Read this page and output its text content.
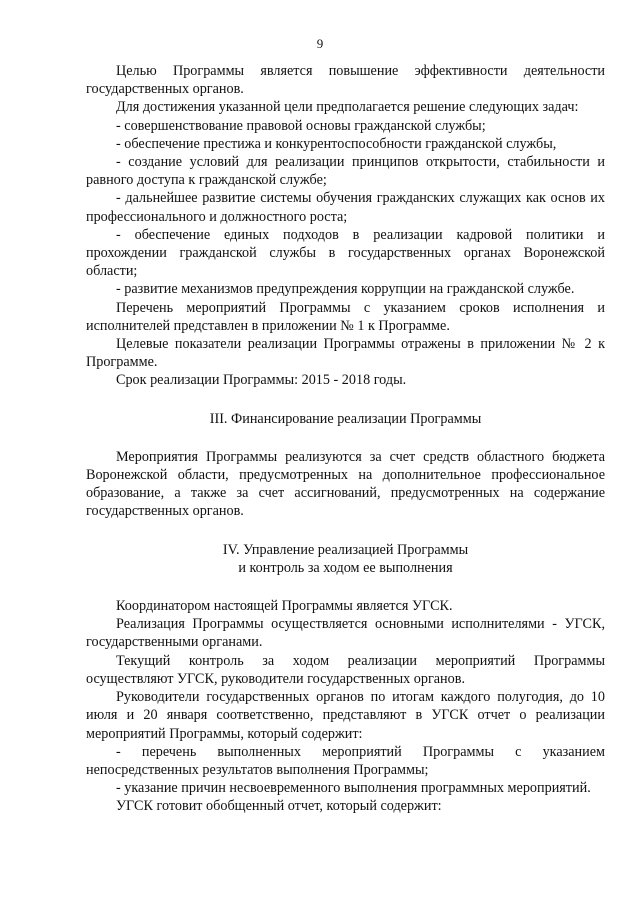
9

Целью Программы является повышение эффективности деятельности государственных органов.

Для достижения указанной цели предполагается решение следующих задач:

- совершенствование правовой основы гражданской службы;

- обеспечение престижа и конкурентоспособности гражданской службы,

- создание условий для реализации принципов открытости, стабильности и равного доступа к гражданской службе;

- дальнейшее развитие системы обучения гражданских служащих как основ их профессионального и должностного роста;

- обеспечение единых подходов в реализации кадровой политики и прохождении гражданской службы в государственных органах Воронежской области;

- развитие механизмов предупреждения коррупции на гражданской службе.

Перечень мероприятий Программы с указанием сроков исполнения и исполнителей представлен в приложении № 1 к Программе.

Целевые показатели реализации Программы отражены в приложении № 2 к Программе.

Срок реализации Программы: 2015 - 2018 годы.

III. Финансирование реализации Программы

Мероприятия Программы реализуются за счет средств областного бюджета Воронежской области, предусмотренных на дополнительное профессиональное образование, а также за счет ассигнований, предусмотренных на содержание государственных органов.

IV. Управление реализацией Программы
и контроль за ходом ее выполнения

Координатором настоящей Программы является УГСК.

Реализация Программы осуществляется основными исполнителями - УГСК, государственными органами.

Текущий контроль за ходом реализации мероприятий Программы осуществляют УГСК, руководители государственных органов.

Руководители государственных органов по итогам каждого полугодия, до 10 июля и 20 января соответственно, представляют в УГСК отчет о реализации мероприятий Программы, который содержит:

- перечень выполненных мероприятий Программы с указанием непосредственных результатов выполнения Программы;

- указание причин несвоевременного выполнения программных мероприятий.

УГСК готовит обобщенный отчет, который содержит:
